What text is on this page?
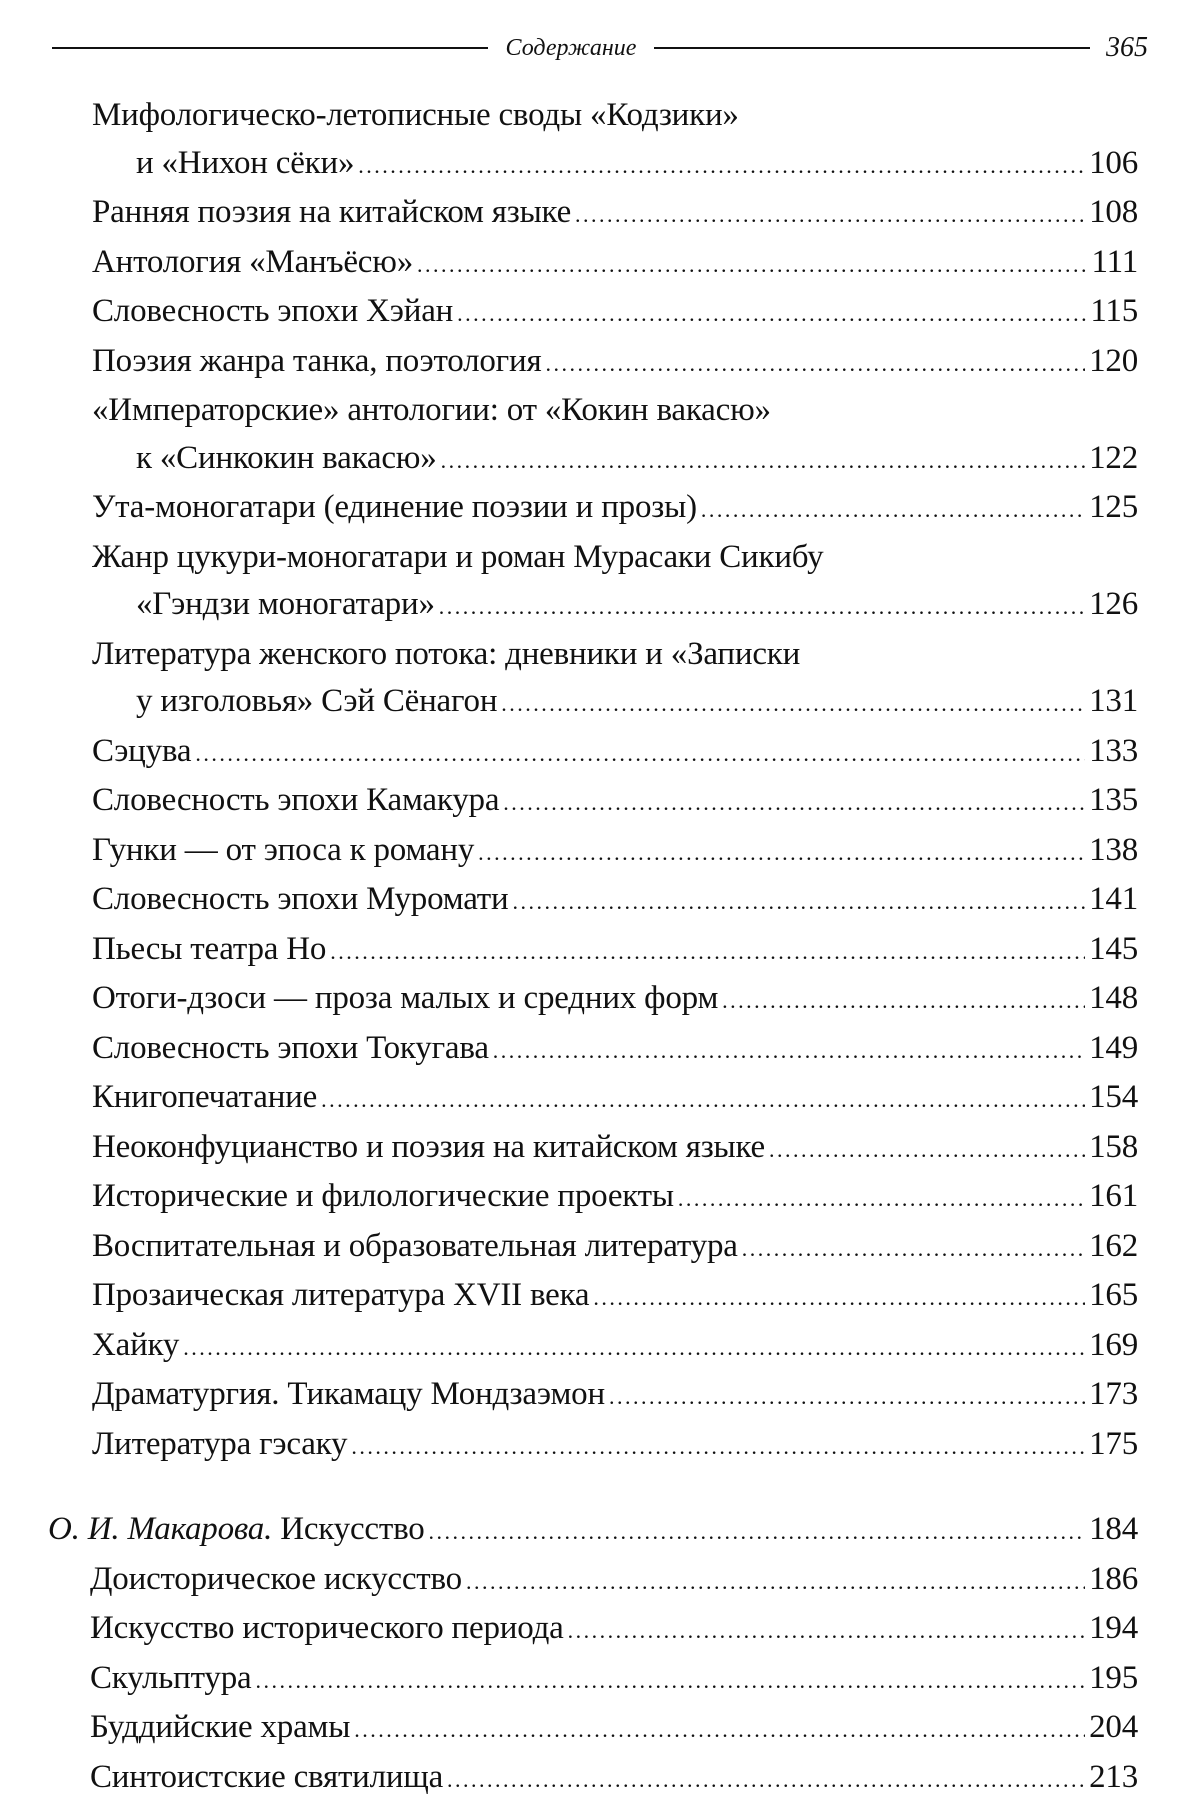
Содержание	365
Мифологическо-летописные своды «Кодзики»
и «Нихон сёки» . . .	106
Ранняя поэзия на китайском языке . . .	108
Антология «Манъёсю» . . .	111
Словесность эпохи Хэйан . . .	115
Поэзия жанра танка, поэтология . . .	120
«Императорские» антологии: от «Кокин вакасю»
к «Синкокин вакасю» . . .	122
Ута-моногатари (единение поэзии и прозы) . . .	125
Жанр цукури-моногатари и роман Мурасаки Сикибу
«Гэндзи моногатари» . . .	126
Литература женского потока: дневники и «Записки
у изголовья» Сэй Сёнагон . . .	131
Сэцува . . .	133
Словесность эпохи Камакура . . .	135
Гунки — от эпоса к роману . . .	138
Словесность эпохи Муромати . . .	141
Пьесы театра Но . . .	145
Отоги-дзоси — проза малых и средних форм . . .	148
Словесность эпохи Токугава . . .	149
Книгопечатание . . .	154
Неоконфуцианство и поэзия на китайском языке . . .	158
Исторические и филологические проекты . . .	161
Воспитательная и образовательная литература . . .	162
Прозаическая литература XVII века . . .	165
Хайку . . .	169
Драматургия. Тикамацу Мондзаэмон . . .	173
Литература гэсаку . . .	175
О. И. Макарова. Искусство . . .	184
Доисторическое искусство . . .	186
Искусство исторического периода . . .	194
Скульптура . . .	195
Буддийские храмы . . .	204
Синтоистские святилища . . .	213
